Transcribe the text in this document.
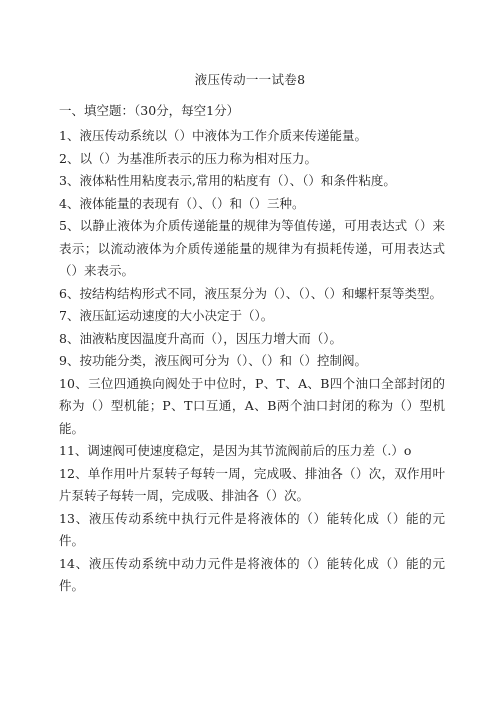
液压传动一一试卷8
一、填空题：（30分，每空1分）

1、液压传动系统以（）中液体为工作介质来传递能量。

2、以（）为基准所表示的压力称为相对压力。

3、液体粘性用粘度表示,常用的粘度有（）、（）和条件粘度。

4、液体能量的表现有（）、（）和（）三种。

5、以静止液体为介质传递能量的规律为等值传递，可用表达式（）来表示；以流动液体为介质传递能量的规律为有损耗传递，可用表达式（）来表示。

6、按结构结构形式不同，液压泵分为（）、（）、（）和螺杆泵等类型。

7、液压缸运动速度的大小决定于（）。

8、油液粘度因温度升高而（），因压力增大而（）。

9、按功能分类，液压阀可分为（）、（）和（）控制阀。

10、三位四通换向阀处于中位时，P、T、A、B四个油口全部封闭的称为（）型机能；P、T口互通，A、B两个油口封闭的称为（）型机能。

11、调速阀可使速度稳定，是因为其节流阀前后的压力差（.）o

12、单作用叶片泵转子每转一周，完成吸、排油各（）次，双作用叶片泵转子每转一周，完成吸、排油各（）次。

13、液压传动系统中执行元件是将液体的（）能转化成（）能的元件。

14、液压传动系统中动力元件是将液体的（）能转化成（）能的元件。
